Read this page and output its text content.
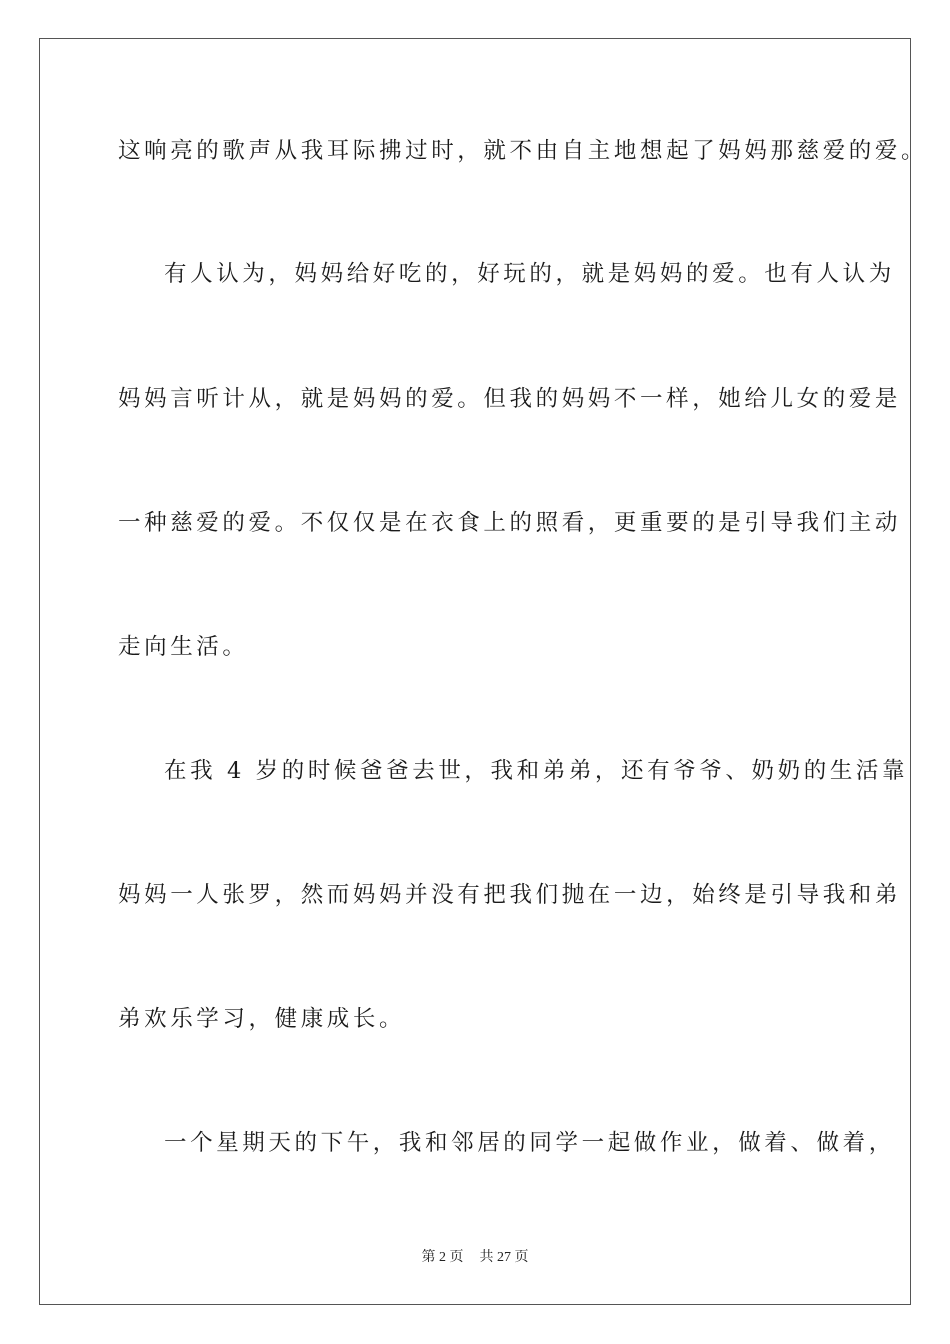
这响亮的歌声从我耳际拂过时，就不由自主地想起了妈妈那慈爱的爱。
有人认为，妈妈给好吃的，好玩的，就是妈妈的爱。也有人认为
妈妈言听计从，就是妈妈的爱。但我的妈妈不一样，她给儿女的爱是
一种慈爱的爱。不仅仅是在衣食上的照看，更重要的是引导我们主动
走向生活。
在我 4 岁的时候爸爸去世，我和弟弟，还有爷爷、奶奶的生活靠
妈妈一人张罗，然而妈妈并没有把我们抛在一边，始终是引导我和弟
弟欢乐学习，健康成长。
一个星期天的下午，我和邻居的同学一起做作业，做着、做着，
第 2 页 共 27 页
